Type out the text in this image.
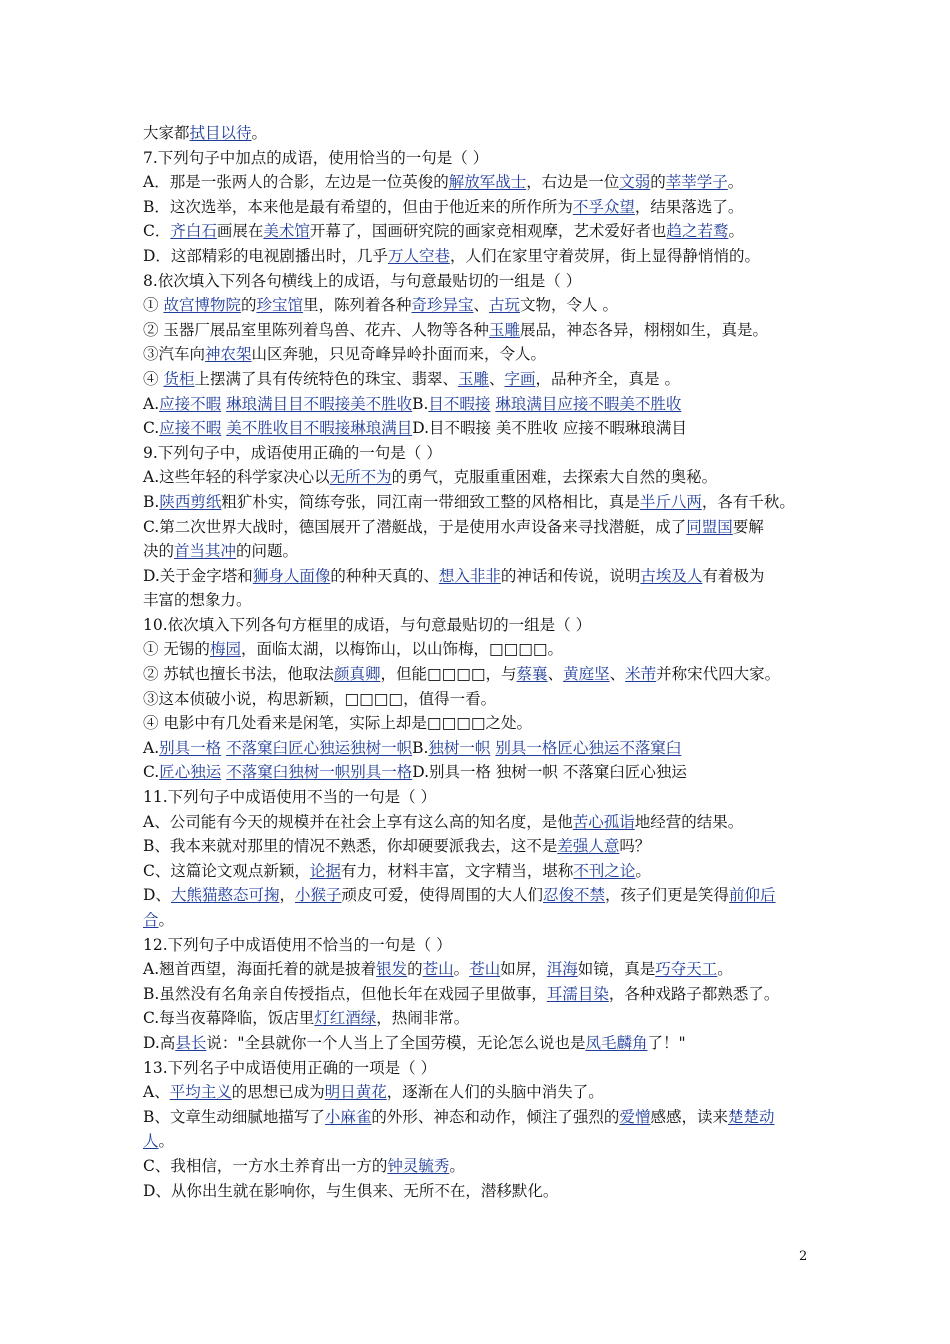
大家都拭目以待。
7.下列句子中加点的成语，使用恰当的一句是（ ）
A．那是一张两人的合影，左边是一位英俊的解放军战士，右边是一位文弱的莘莘学子。
B．这次选举，本来他是最有希望的，但由于他近来的所作所为不孚众望，结果落选了。
C．齐白石画展在美术馆开幕了，国画研究院的画家竞相观摩，艺术爱好者也趋之若鹜。
D．这部精彩的电视剧播出时，几乎万人空巷，人们在家里守着荧屏，街上显得静悄悄的。
8.依次填入下列各句横线上的成语，与句意最贴切的一组是（ ）
① 故宫博物院的珍宝馆里，陈列着各种奇珍异宝、古玩文物，令人 。
② 玉器厂展品室里陈列着鸟兽、花卉、人物等各种玉雕展品，神态各异，栩栩如生，真是。
③汽车向神农架山区奔驰，只见奇峰异岭扑面而来，令人。
④ 货柜上摆满了具有传统特色的珠宝、翡翠、玉雕、字画，品种齐全，真是 。
A.应接不暇 琳琅满目目不暇接美不胜收B.目不暇接 琳琅满目应接不暇美不胜收
C.应接不暇 美不胜收目不暇接琳琅满目D.目不暇接 美不胜收 应接不暇琳琅满目
9.下列句子中，成语使用正确的一句是（ ）
A.这些年轻的科学家决心以无所不为的勇气，克服重重困难，去探索大自然的奥秘。
B.陕西剪纸粗犷朴实，简练夸张，同江南一带细致工整的风格相比，真是半斤八两，各有千秋。
C.第二次世界大战时，德国展开了潜艇战，于是使用水声设备来寻找潜艇，成了同盟国要解
决的首当其冲的问题。
D.关于金字塔和狮身人面像的种种天真的、想入非非的神话和传说，说明古埃及人有着极为
丰富的想象力。
10.依次填入下列各句方框里的成语，与句意最贴切的一组是（ ）
① 无锡的梅园，面临太湖，以梅饰山，以山饰梅，□□□□。
② 苏轼也擅长书法，他取法颜真卿，但能□□□□，与蔡襄、黄庭坚、米芾并称宋代四大家。
③这本侦破小说，构思新颖，□□□□，值得一看。
④ 电影中有几处看来是闲笔，实际上却是□□□□之处。
A.别具一格 不落窠臼匠心独运独树一帜B.独树一帜 别具一格匠心独运不落窠臼
C.匠心独运 不落窠臼独树一帜别具一格D.别具一格 独树一帜 不落窠臼匠心独运
11.下列句子中成语使用不当的一句是（ ）
A、公司能有今天的规模并在社会上享有这么高的知名度，是他苦心孤诣地经营的结果。
B、我本来就对那里的情况不熟悉，你却硬要派我去，这不是差强人意吗？
C、这篇论文观点新颖，论据有力，材料丰富，文字精当，堪称不刊之论。
D、大熊猫憨态可掬，小猴子顽皮可爱，使得周围的大人们忍俊不禁，孩子们更是笑得前仰后
合。
12.下列句子中成语使用不恰当的一句是（ ）
A.翘首西望，海面托着的就是披着银发的苍山。苍山如屏，洱海如镜，真是巧夺天工。
B.虽然没有名角亲自传授指点，但他长年在戏园子里做事，耳濡目染，各种戏路子都熟悉了。
C.每当夜幕降临，饭店里灯红酒绿，热闹非常。
D.高县长说："全县就你一个人当上了全国劳模，无论怎么说也是凤毛麟角了！"
13.下列名子中成语使用正确的一项是（ ）
A、平均主义的思想已成为明日黄花，逐渐在人们的头脑中消失了。
B、文章生动细腻地描写了小麻雀的外形、神态和动作，倾注了强烈的爱憎感感，读来楚楚动
人。
C、我相信，一方水土养育出一方的钟灵毓秀。
D、从你出生就在影响你，与生俱来、无所不在，潜移默化。
2
